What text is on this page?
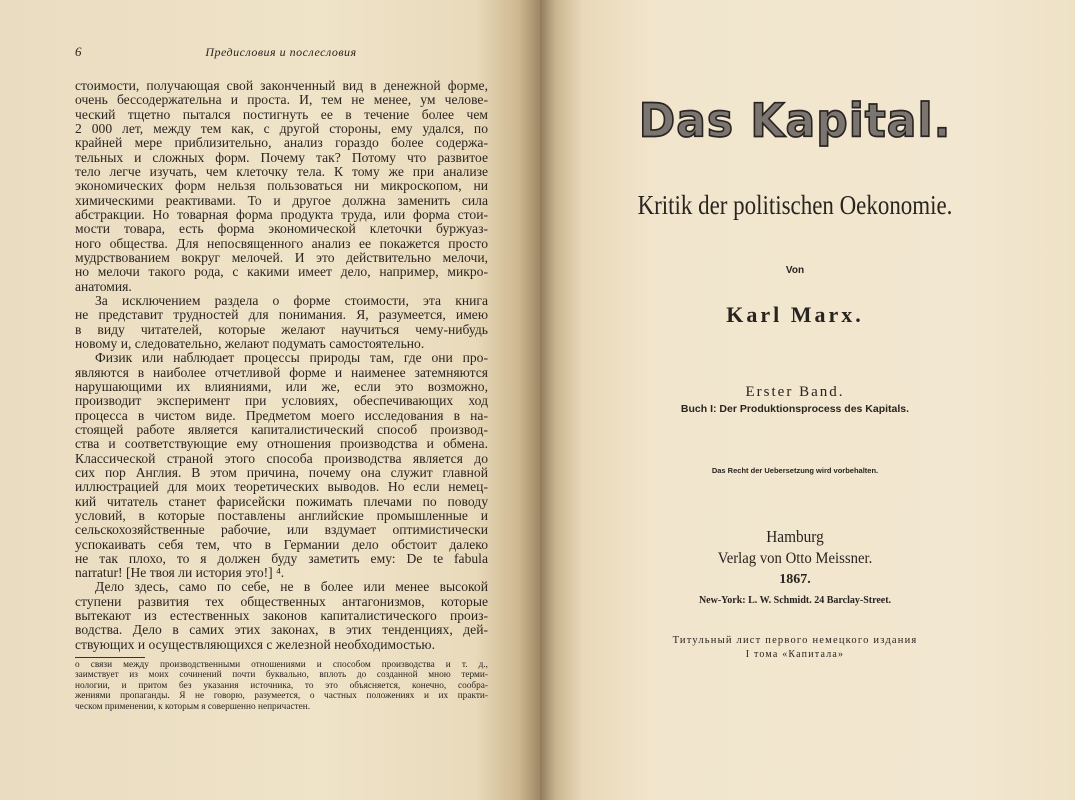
6	Предисловия и послесловия
стоимости, получающая свой законченный вид в денежной форме,
очень бессодержательна и проста. И, тем не менее, ум челове-
ческий тщетно пытался постигнуть ее в течение более чем
2 000 лет, между тем как, с другой стороны, ему удался, по
крайней мере приблизительно, анализ гораздо более содержа-
тельных и сложных форм. Почему так? Потому что развитое
тело легче изучать, чем клеточку тела. К тому же при анализе
экономических форм нельзя пользоваться ни микроскопом, ни
химическими реактивами. То и другое должна заменить сила
абстракции. Но товарная форма продукта труда, или форма стои-
мости товара, есть форма экономической клеточки буржуаз-
ного общества. Для непосвященного анализ ее покажется просто
мудрствованием вокруг мелочей. И это действительно мелочи,
но мелочи такого рода, с какими имеет дело, например, микро-
анатомия.
За исключением раздела о форме стоимости, эта книга
не представит трудностей для понимания. Я, разумеется, имею
в виду читателей, которые желают научиться чему-нибудь
новому и, следовательно, желают подумать самостоятельно.
Физик или наблюдает процессы природы там, где они про-
являются в наиболее отчетливой форме и наименее затемняются
нарушающими их влияниями, или же, если это возможно,
производит эксперимент при условиях, обеспечивающих ход
процесса в чистом виде. Предметом моего исследования в на-
стоящей работе является капиталистический способ производ-
ства и соответствующие ему отношения производства и обмена.
Классической страной этого способа производства является до
сих пор Англия. В этом причина, почему она служит главной
иллюстрацией для моих теоретических выводов. Но если немец-
кий читатель станет фарисейски пожимать плечами по поводу
условий, в которые поставлены английские промышленные и
сельскохозяйственные рабочие, или вздумает оптимистически
успокаивать себя тем, что в Германии дело обстоит далеко
не так плохо, то я должен буду заметить ему: De te fabula
narratur! [Не твоя ли история это!] ⁴.
Дело здесь, само по себе, не в более или менее высокой
ступени развития тех общественных антагонизмов, которые
вытекают из естественных законов капиталистического произ-
водства. Дело в самих этих законах, в этих тенденциях, дей-
ствующих и осуществляющихся с железной необходимостью.
о связи между производственными отношениями и способом производства и т. д.,
заимствует из моих сочинений почти буквально, вплоть до созданной мною терми-
нологии, и притом без указания источника, то это объясняется, конечно, сообра-
жениями пропаганды. Я не говорю, разумеется, о частных положениях и их практи-
ческом применении, к которым я совершенно непричастен.
Das Kapital.
Kritik der politischen Oekonomie.
Von
Karl Marx.
Erster Band.
Buch I: Der Produktionsprocess des Kapitals.
Das Recht der Uebersetzung wird vorbehalten.
Hamburg
Verlag von Otto Meissner.
1867.
New-York: L. W. Schmidt. 24 Barclay-Street.
Титульный лист первого немецкого издания
I тома «Капитала»
